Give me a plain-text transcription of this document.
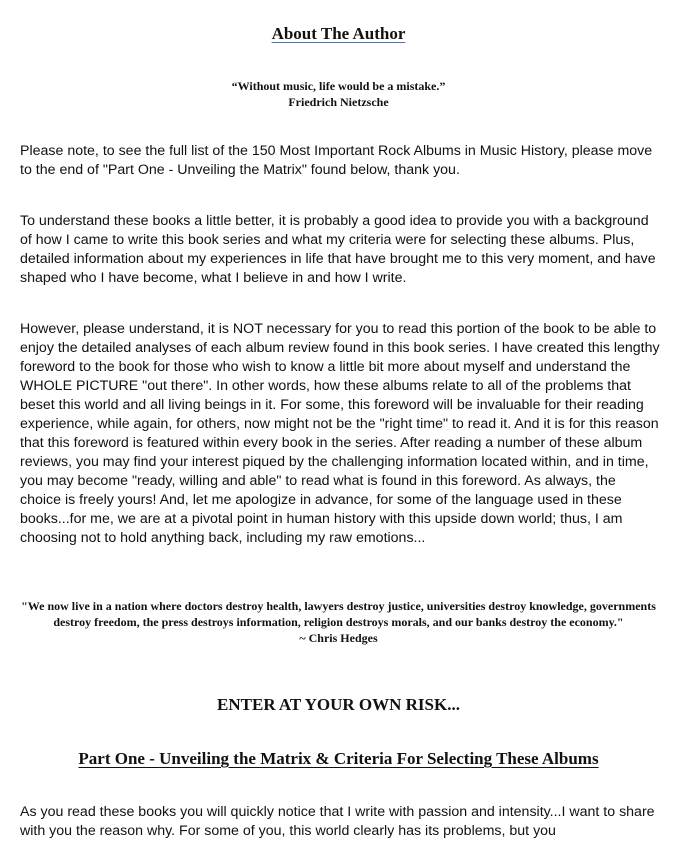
About The Author
“Without music, life would be a mistake.”
Friedrich Nietzsche

Please note, to see the full list of the 150 Most Important Rock Albums in Music History, please move to the end of "Part One - Unveiling the Matrix" found below, thank you.

To understand these books a little better, it is probably a good idea to provide you with a background of how I came to write this book series and what my criteria were for selecting these albums. Plus, detailed information about my experiences in life that have brought me to this very moment, and have shaped who I have become, what I believe in and how I write.

However, please understand, it is NOT necessary for you to read this portion of the book to be able to enjoy the detailed analyses of each album review found in this book series. I have created this lengthy foreword to the book for those who wish to know a little bit more about myself and understand the WHOLE PICTURE "out there". In other words, how these albums relate to all of the problems that beset this world and all living beings in it. For some, this foreword will be invaluable for their reading experience, while again, for others, now might not be the "right time" to read it. And it is for this reason that this foreword is featured within every book in the series. After reading a number of these album reviews, you may find your interest piqued by the challenging information located within, and in time, you may become "ready, willing and able" to read what is found in this foreword. As always, the choice is freely yours! And, let me apologize in advance, for some of the language used in these books...for me, we are at a pivotal point in human history with this upside down world; thus, I am choosing not to hold anything back, including my raw emotions...

"We now live in a nation where doctors destroy health, lawyers destroy justice, universities destroy knowledge, governments destroy freedom, the press destroys information, religion destroys morals, and our banks destroy the economy."
~ Chris Hedges
ENTER AT YOUR OWN RISK...
Part One - Unveiling the Matrix & Criteria For Selecting These Albums

As you read these books you will quickly notice that I write with passion and intensity...I want to share with you the reason why. For some of you, this world clearly has its problems, but you
